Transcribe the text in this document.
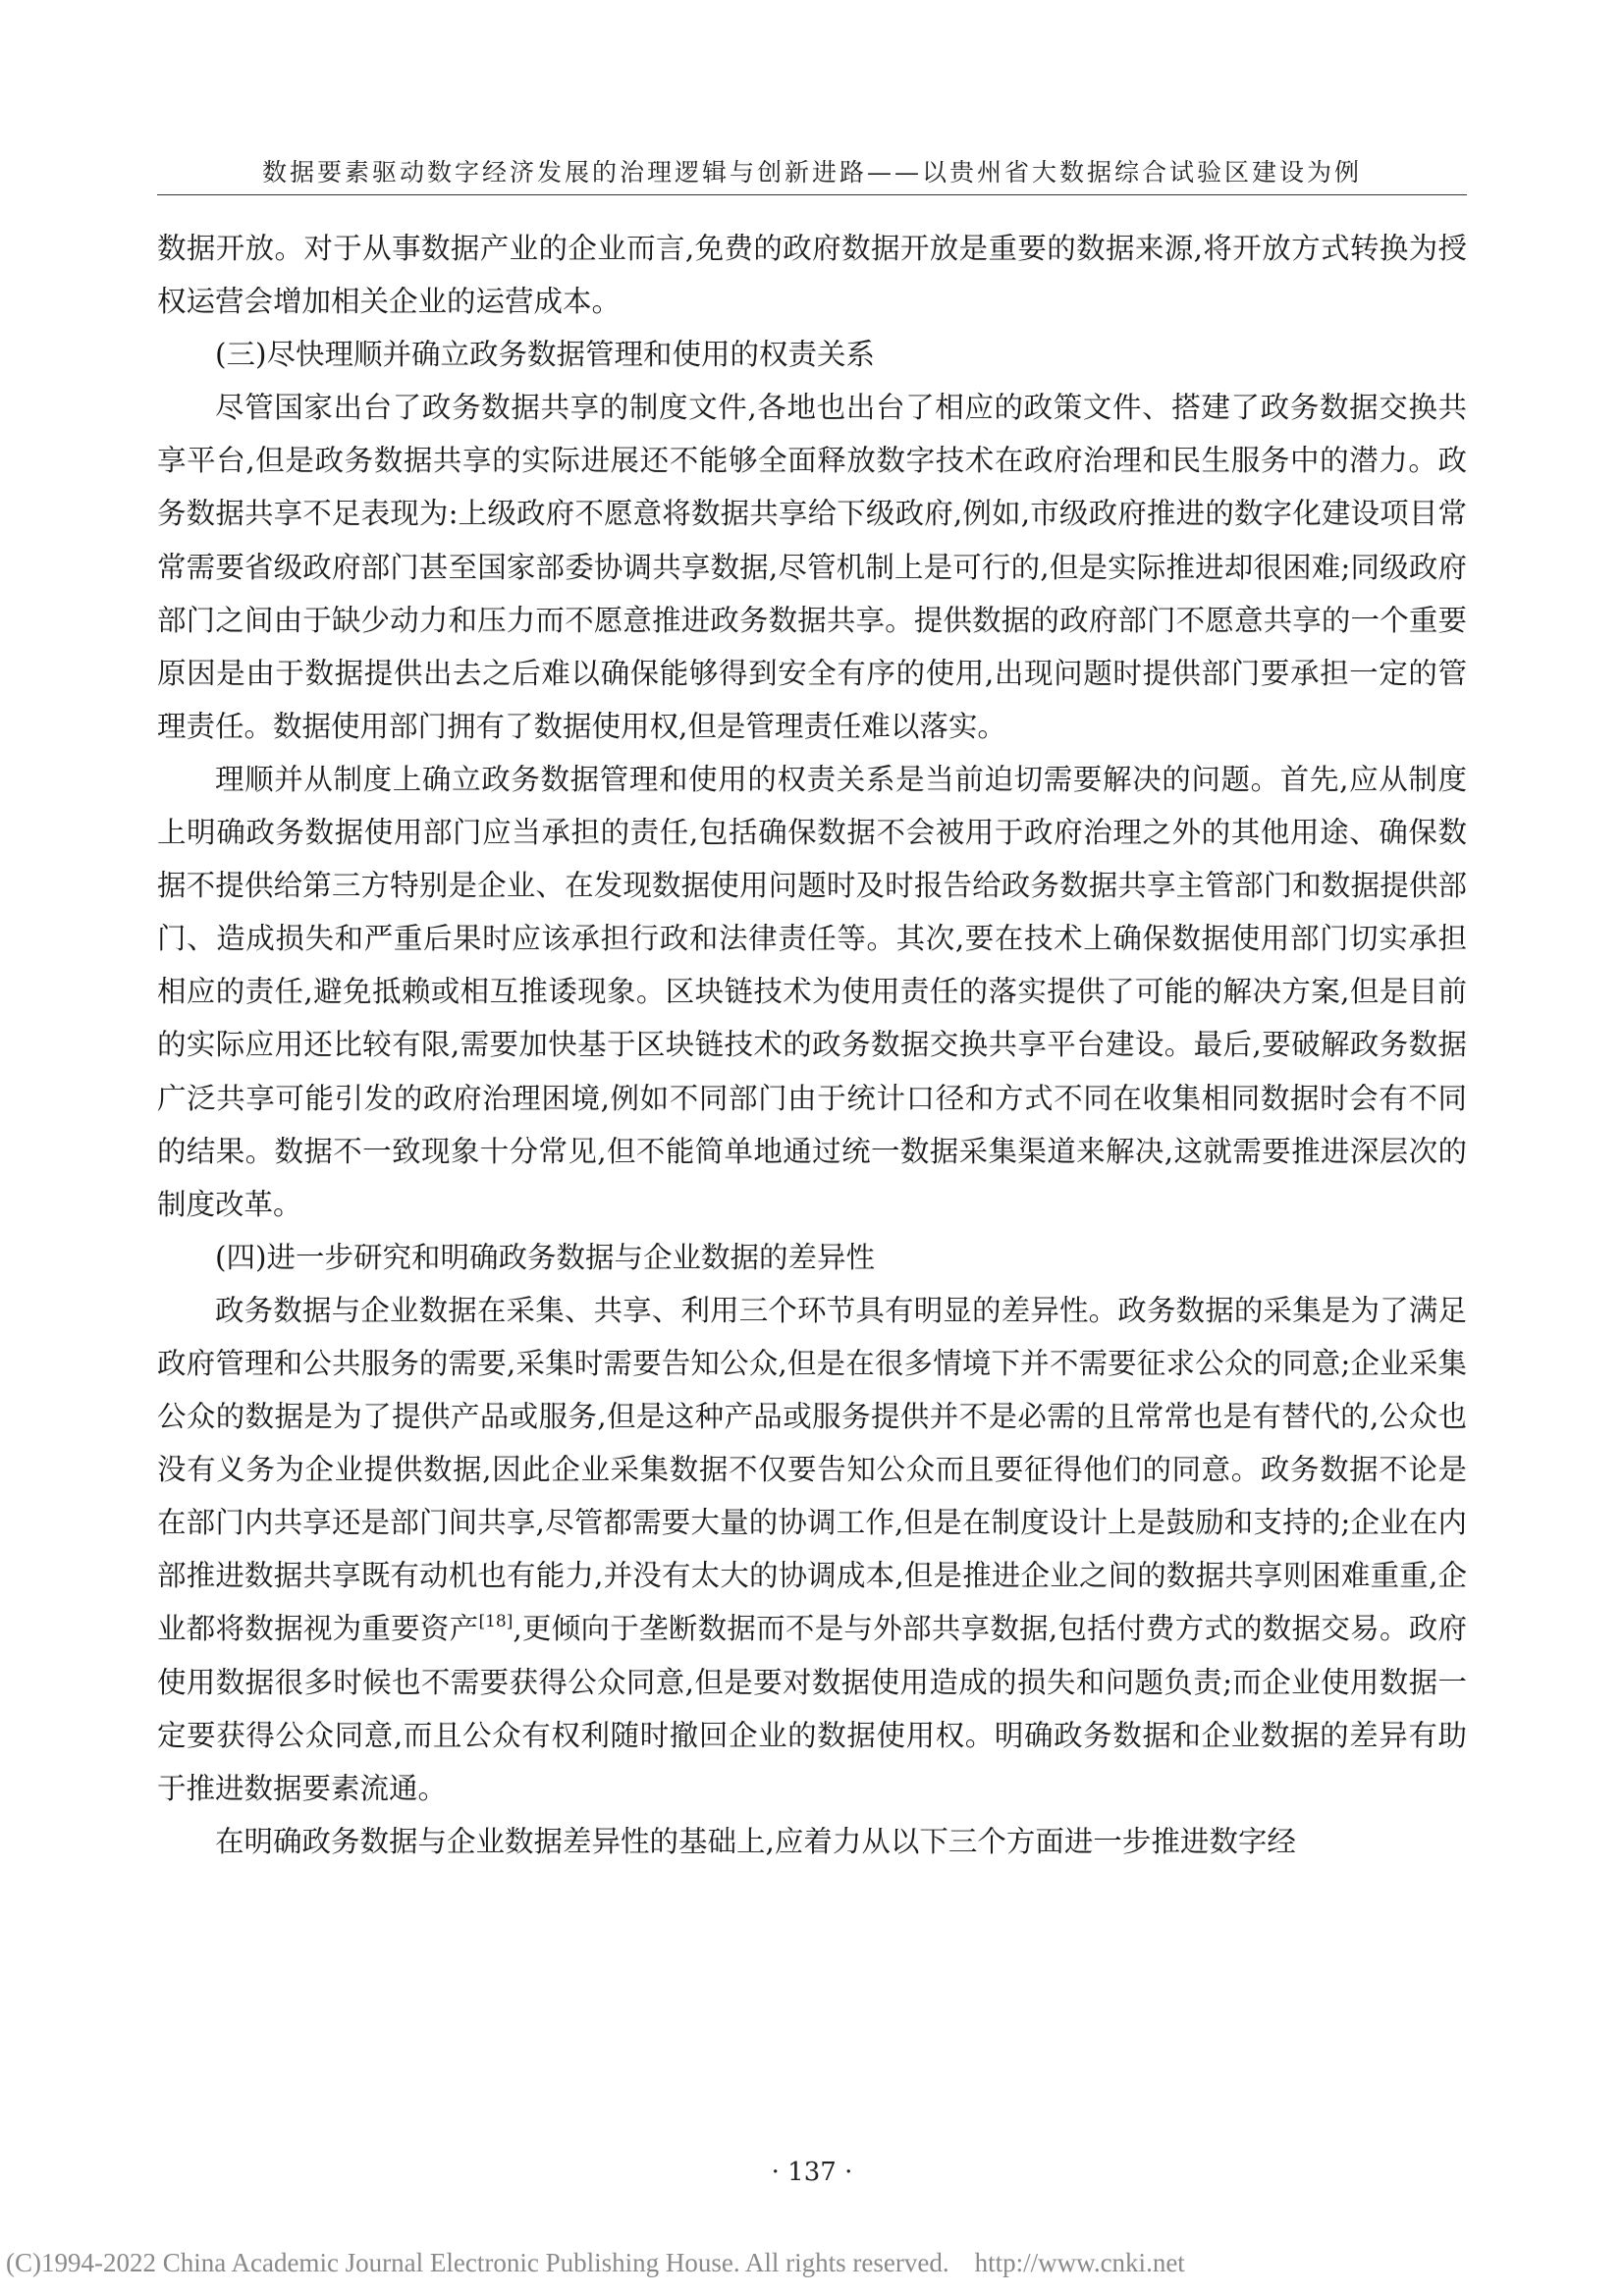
数据要素驱动数字经济发展的治理逻辑与创新进路——以贵州省大数据综合试验区建设为例

数据开放。对于从事数据产业的企业而言,免费的政府数据开放是重要的数据来源,将开放方式转换为授权运营会增加相关企业的运营成本。

(三)尽快理顺并确立政务数据管理和使用的权责关系

尽管国家出台了政务数据共享的制度文件,各地也出台了相应的政策文件、搭建了政务数据交换共享平台,但是政务数据共享的实际进展还不能够全面释放数字技术在政府治理和民生服务中的潜力。政务数据共享不足表现为:上级政府不愿意将数据共享给下级政府,例如,市级政府推进的数字化建设项目常常需要省级政府部门甚至国家部委协调共享数据,尽管机制上是可行的,但是实际推进却很困难;同级政府部门之间由于缺少动力和压力而不愿意推进政务数据共享。提供数据的政府部门不愿意共享的一个重要原因是由于数据提供出去之后难以确保能够得到安全有序的使用,出现问题时提供部门要承担一定的管理责任。数据使用部门拥有了数据使用权,但是管理责任难以落实。

理顺并从制度上确立政务数据管理和使用的权责关系是当前迫切需要解决的问题。首先,应从制度上明确政务数据使用部门应当承担的责任,包括确保数据不会被用于政府治理之外的其他用途、确保数据不提供给第三方特别是企业、在发现数据使用问题时及时报告给政务数据共享主管部门和数据提供部门、造成损失和严重后果时应该承担行政和法律责任等。其次,要在技术上确保数据使用部门切实承担相应的责任,避免抵赖或相互推诿现象。区块链技术为使用责任的落实提供了可能的解决方案,但是目前的实际应用还比较有限,需要加快基于区块链技术的政务数据交换共享平台建设。最后,要破解政务数据广泛共享可能引发的政府治理困境,例如不同部门由于统计口径和方式不同在收集相同数据时会有不同的结果。数据不一致现象十分常见,但不能简单地通过统一数据采集渠道来解决,这就需要推进深层次的制度改革。

(四)进一步研究和明确政务数据与企业数据的差异性

政务数据与企业数据在采集、共享、利用三个环节具有明显的差异性。政务数据的采集是为了满足政府管理和公共服务的需要,采集时需要告知公众,但是在很多情境下并不需要征求公众的同意;企业采集公众的数据是为了提供产品或服务,但是这种产品或服务提供并不是必需的且常常也是有替代的,公众也没有义务为企业提供数据,因此企业采集数据不仅要告知公众而且要征得他们的同意。政务数据不论是在部门内共享还是部门间共享,尽管都需要大量的协调工作,但是在制度设计上是鼓励和支持的;企业在内部推进数据共享既有动机也有能力,并没有太大的协调成本,但是推进企业之间的数据共享则困难重重,企业都将数据视为重要资产[18],更倾向于垄断数据而不是与外部共享数据,包括付费方式的数据交易。政府使用数据很多时候也不需要获得公众同意,但是要对数据使用造成的损失和问题负责;而企业使用数据一定要获得公众同意,而且公众有权利随时撤回企业的数据使用权。明确政务数据和企业数据的差异有助于推进数据要素流通。

在明确政务数据与企业数据差异性的基础上,应着力从以下三个方面进一步推进数字经

· 137 ·
(C)1994-2022 China Academic Journal Electronic Publishing House. All rights reserved. http://www.cnki.net
